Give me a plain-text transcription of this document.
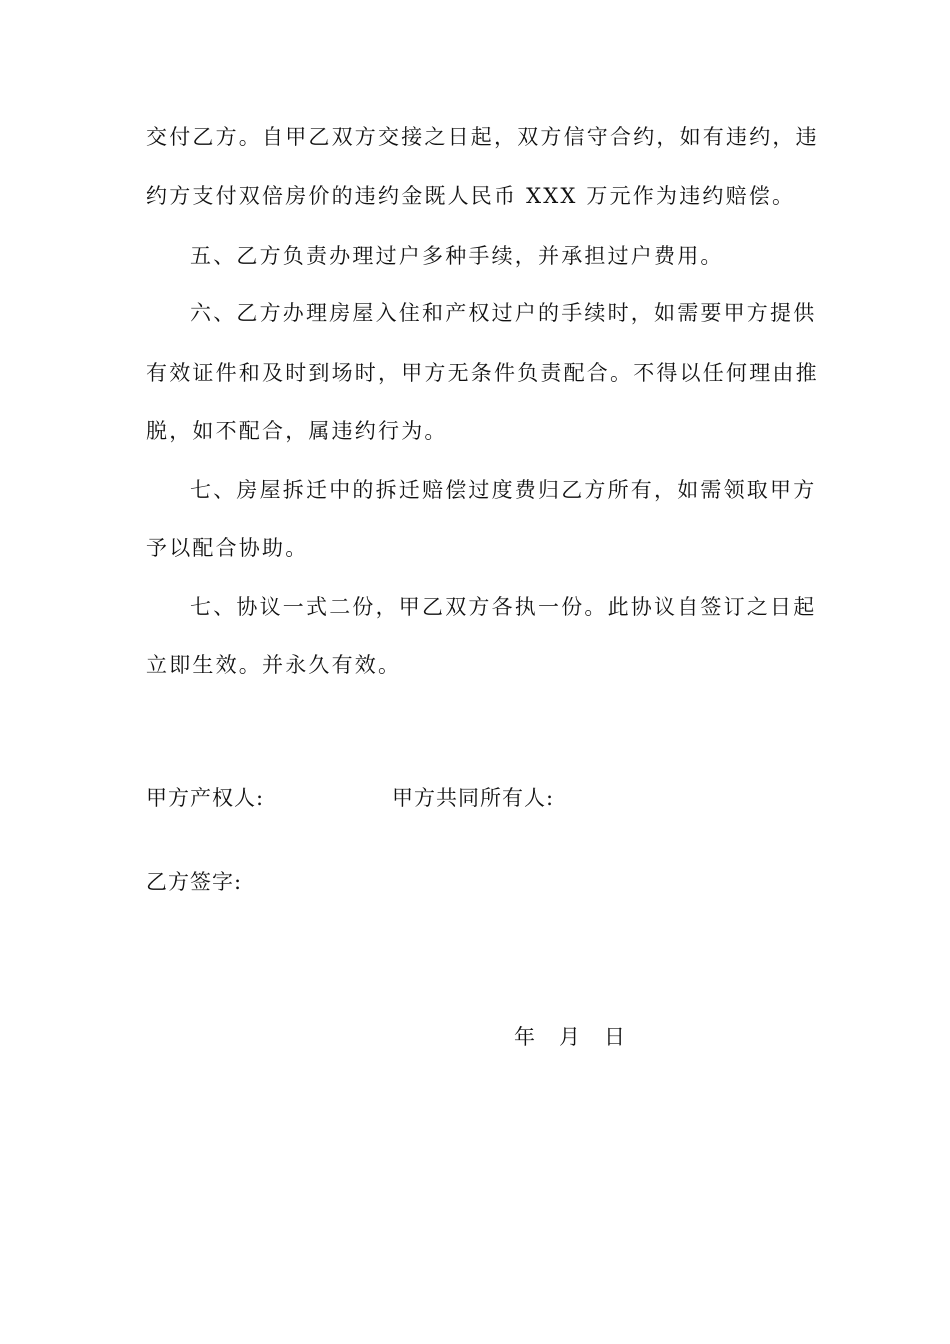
交付乙方。自甲乙双方交接之日起，双方信守合约，如有违约，违
约方支付双倍房价的违约金既人民币 XXX 万元作为违约赔偿。
五、乙方负责办理过户多种手续，并承担过户费用。
六、乙方办理房屋入住和产权过户的手续时，如需要甲方提供
有效证件和及时到场时，甲方无条件负责配合。不得以任何理由推
脱，如不配合，属违约行为。
七、房屋拆迁中的拆迁赔偿过度费归乙方所有，如需领取甲方
予以配合协助。
七、协议一式二份，甲乙双方各执一份。此协议自签订之日起
立即生效。并永久有效。
甲方产权人:	甲方共同所有人:
乙方签字:
年 月 日
